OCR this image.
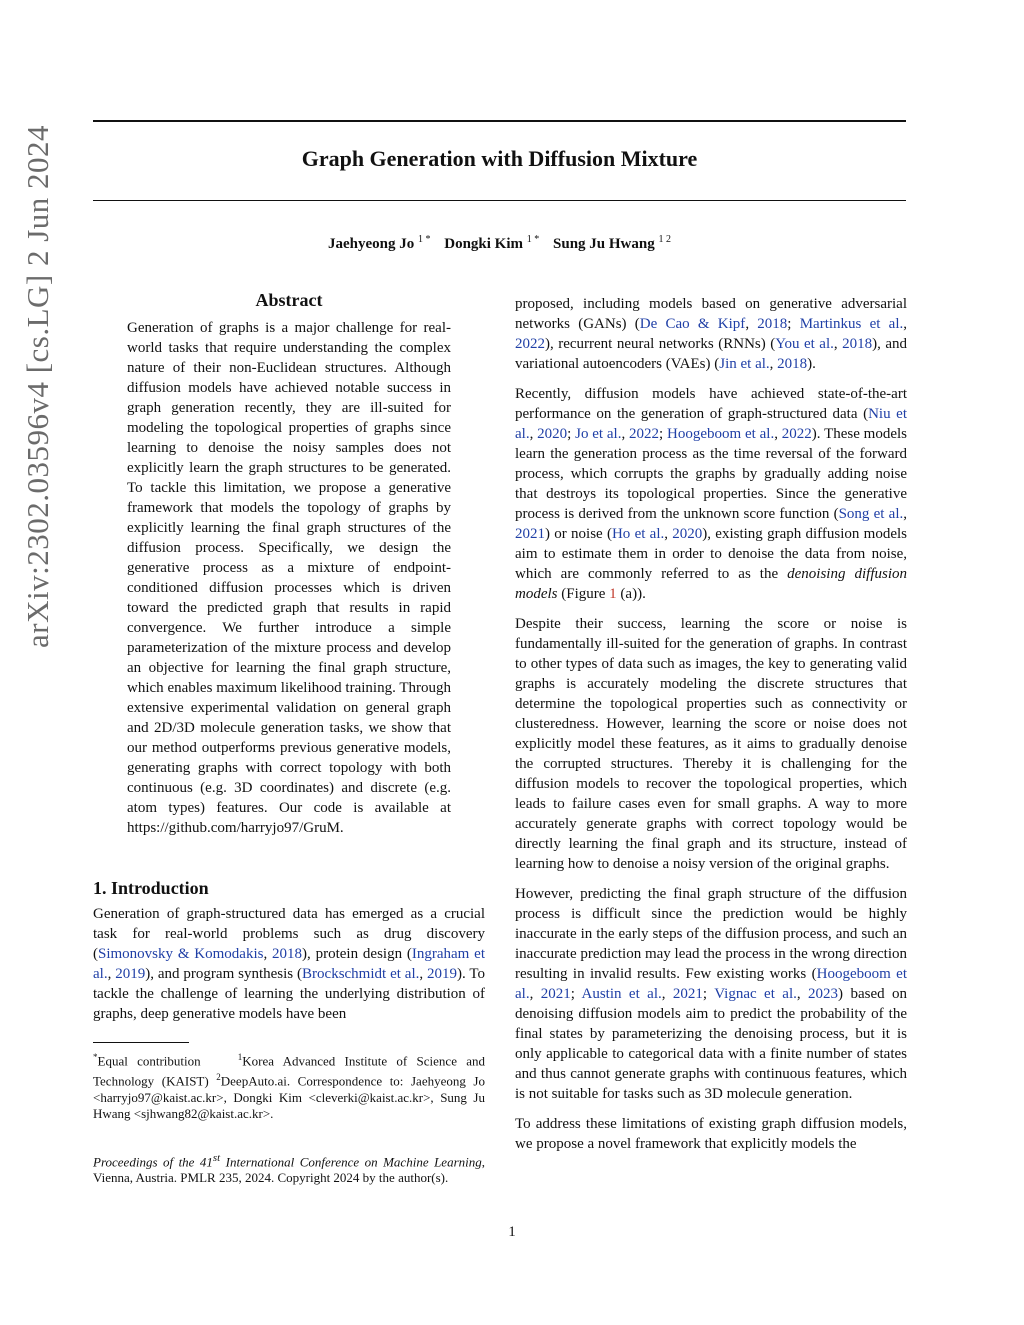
Graph Generation with Diffusion Mixture
Jaehyeong Jo $^{1 *}$ Dongki Kim $^{1 *}$ Sung Ju Hwang $^{1 2}$
arXiv:2302.03596v4 [cs.LG] 2 Jun 2024	Abstract

Generation of graphs is a major challenge for real-world tasks that require understanding the complex nature of their non-Euclidean structures. Although diffusion models have achieved notable success in graph generation recently, they are ill-suited for modeling the topological properties of graphs since learning to denoise the noisy samples does not explicitly learn the graph structures to be generated. To tackle this limitation, we propose a generative framework that models the topology of graphs by explicitly learning the final graph structures of the diffusion process. Specifically, we design the generative process as a mixture of endpoint-conditioned diffusion processes which is driven toward the predicted graph that results in rapid convergence. We further introduce a simple parameterization of the mixture process and develop an objective for learning the final graph structure, which enables maximum likelihood training. Through extensive experimental validation on general graph and 2D/3D molecule generation tasks, we show that our method outperforms previous generative models, generating graphs with correct topology with both continuous (e.g. 3D coordinates) and discrete (e.g. atom types) features. Our code is available at https://github.com/harryjo97/GruM.

1. Introduction

Generation of graph-structured data has emerged as a crucial task for real-world problems such as drug discovery (Simonovsky & Komodakis, 2018), protein design (Ingraham et al., 2019), and program synthesis (Brockschmidt et al., 2019). To tackle the challenge of learning the underlying distribution of graphs, deep generative models have been

*Equal contribution	$^1$Korea Advanced Institute of Science and Technology (KAIST) $^2$DeepAuto.ai. Correspondence to: Jaehyeong Jo <harryjo97@kaist.ac.kr>, Dongki Kim <cleverki@kaist.ac.kr>, Sung Ju Hwang <sjhwang82@kaist.ac.kr>.
Proceedings of the 41st International Conference on Machine Learning, Vienna, Austria. PMLR 235, 2024. Copyright 2024 by the author(s).

proposed, including models based on generative adversarial networks (GANs) (De Cao & Kipf, 2018; Martinkus et al., 2022), recurrent neural networks (RNNs) (You et al., 2018), and variational autoencoders (VAEs) (Jin et al., 2018).

Recently, diffusion models have achieved state-of-the-art performance on the generation of graph-structured data (Niu et al., 2020; Jo et al., 2022; Hoogeboom et al., 2022). These models learn the generation process as the time reversal of the forward process, which corrupts the graphs by gradually adding noise that destroys its topological properties. Since the generative process is derived from the unknown score function (Song et al., 2021) or noise (Ho et al., 2020), existing graph diffusion models aim to estimate them in order to denoise the data from noise, which are commonly referred to as the denoising diffusion models (Figure 1 (a)).

Despite their success, learning the score or noise is fundamentally ill-suited for the generation of graphs. In contrast to other types of data such as images, the key to generating valid graphs is accurately modeling the discrete structures that determine the topological properties such as connectivity or clusteredness. However, learning the score or noise does not explicitly model these features, as it aims to gradually denoise the corrupted structures. Thereby it is challenging for the diffusion models to recover the topological properties, which leads to failure cases even for small graphs. A way to more accurately generate graphs with correct topology would be directly learning the final graph and its structure, instead of learning how to denoise a noisy version of the original graphs.

However, predicting the final graph structure of the diffusion process is difficult since the prediction would be highly inaccurate in the early steps of the diffusion process, and such an inaccurate prediction may lead the process in the wrong direction resulting in invalid results. Few existing works (Hoogeboom et al., 2021; Austin et al., 2021; Vignac et al., 2023) based on denoising diffusion models aim to predict the probability of the final states by parameterizing the denoising process, but it is only applicable to categorical data with a finite number of states and thus cannot generate graphs with continuous features, which is not suitable for tasks such as 3D molecule generation.

To address these limitations of existing graph diffusion models, we propose a novel framework that explicitly models the

1
